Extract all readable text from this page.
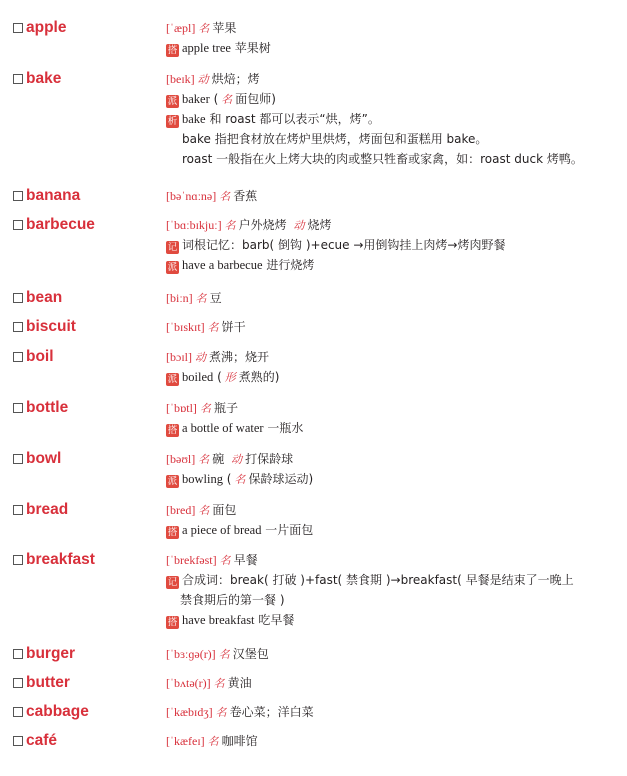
apple	[ˈæpl] 名 苹果
搭 apple tree 苹果树
bake	[beɪk] 动 烘焙；烤
派 baker ( 名 面包师)
析 bake 和 roast 都可以表示“烘，烤”。
bake 指把食材放在烤炉里烘烤，烤面包和蛋糕用 bake。
roast 一般指在火上烤大块的肉或整只牲畜或家禽，如：roast duck 烤鸭。
banana	[bəˈnɑːnə] 名 香蕉
barbecue	[ˈbɑːbɪkjuː] 名 户外烧烤 动 烧烤
记 词根记忆：barb( 倒钩 )+ecue →用倒钩挂上肉烤→烤肉野餐
派 have a barbecue 进行烧烤
bean	[biːn] 名 豆
biscuit	[ˈbɪskɪt] 名 饼干
boil	[bɔɪl] 动 煮沸；烧开
派 boiled ( 形 煮熟的)
bottle	[ˈbɒtl] 名 瓶子
搭 a bottle of water 一瓶水
bowl	[bəʊl] 名 碗 动 打保龄球
派 bowling ( 名 保龄球运动)
bread	[bred] 名 面包
搭 a piece of bread 一片面包
breakfast	[ˈbrekfəst] 名 早餐
记 合成词：break( 打破 )+fast( 禁食期 )→breakfast( 早餐是结束了一晚上
禁食期后的第一餐 )
搭 have breakfast 吃早餐
burger	[ˈbɜːɡə(r)] 名 汉堡包
butter	[ˈbʌtə(r)] 名 黄油
cabbage	[ˈkæbɪdʒ] 名 卷心菜；洋白菜
café	[ˈkæfeɪ] 名 咖啡馆
